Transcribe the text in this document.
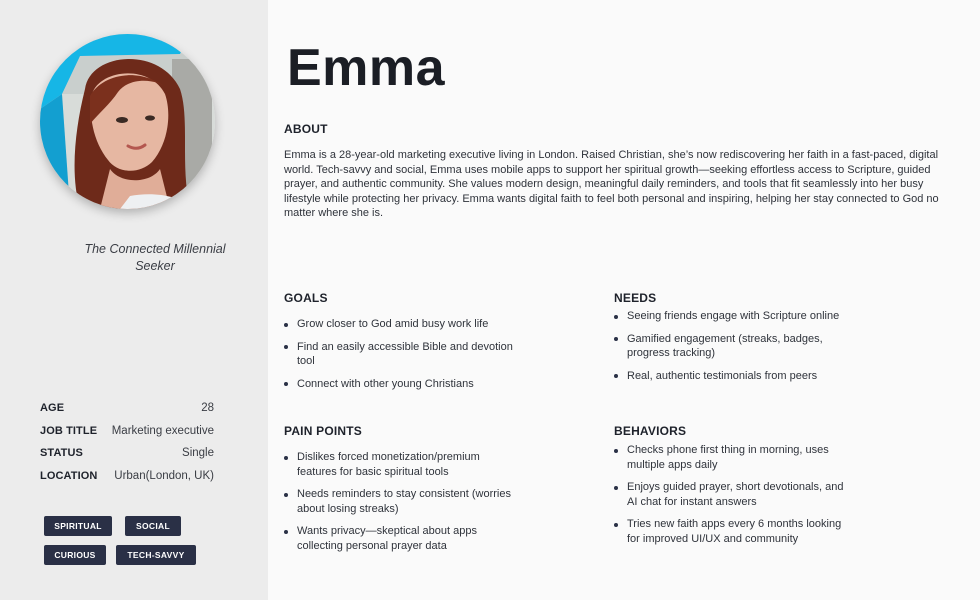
The Connected Millennial Seeker
AGE	28
JOB TITLE Marketing executive
STATUS	Single
LOCATION Urban(London, UK)
SPIRITUAL	SOCIAL
CURIOUS	TECH-SAVVY
Emma
ABOUT

Emma is a 28-year-old marketing executive living in London. Raised Christian, she’s now rediscovering her faith in a fast-paced, digital world. Tech-savvy and social, Emma uses mobile apps to support her spiritual growth—seeking effortless access to Scripture, guided prayer, and authentic community. She values modern design, meaningful daily reminders, and tools that fit seamlessly into her busy lifestyle while protecting her privacy. Emma wants digital faith to feel both personal and inspiring, helping her stay connected to God no matter where she is.

GOALS
Grow closer to God amid busy work life
Find an easily accessible Bible and devotion tool
Connect with other young Christians
NEEDS
Seeing friends engage with Scripture online
Gamified engagement (streaks, badges, progress tracking)
Real, authentic testimonials from peers
PAIN POINTS
Dislikes forced monetization/premium features for basic spiritual tools
Needs reminders to stay consistent (worries about losing streaks)
Wants privacy—skeptical about apps collecting personal prayer data
BEHAVIORS
Checks phone first thing in morning, uses multiple apps daily
Enjoys guided prayer, short devotionals, and AI chat for instant answers
Tries new faith apps every 6 months looking for improved UI/UX and community
